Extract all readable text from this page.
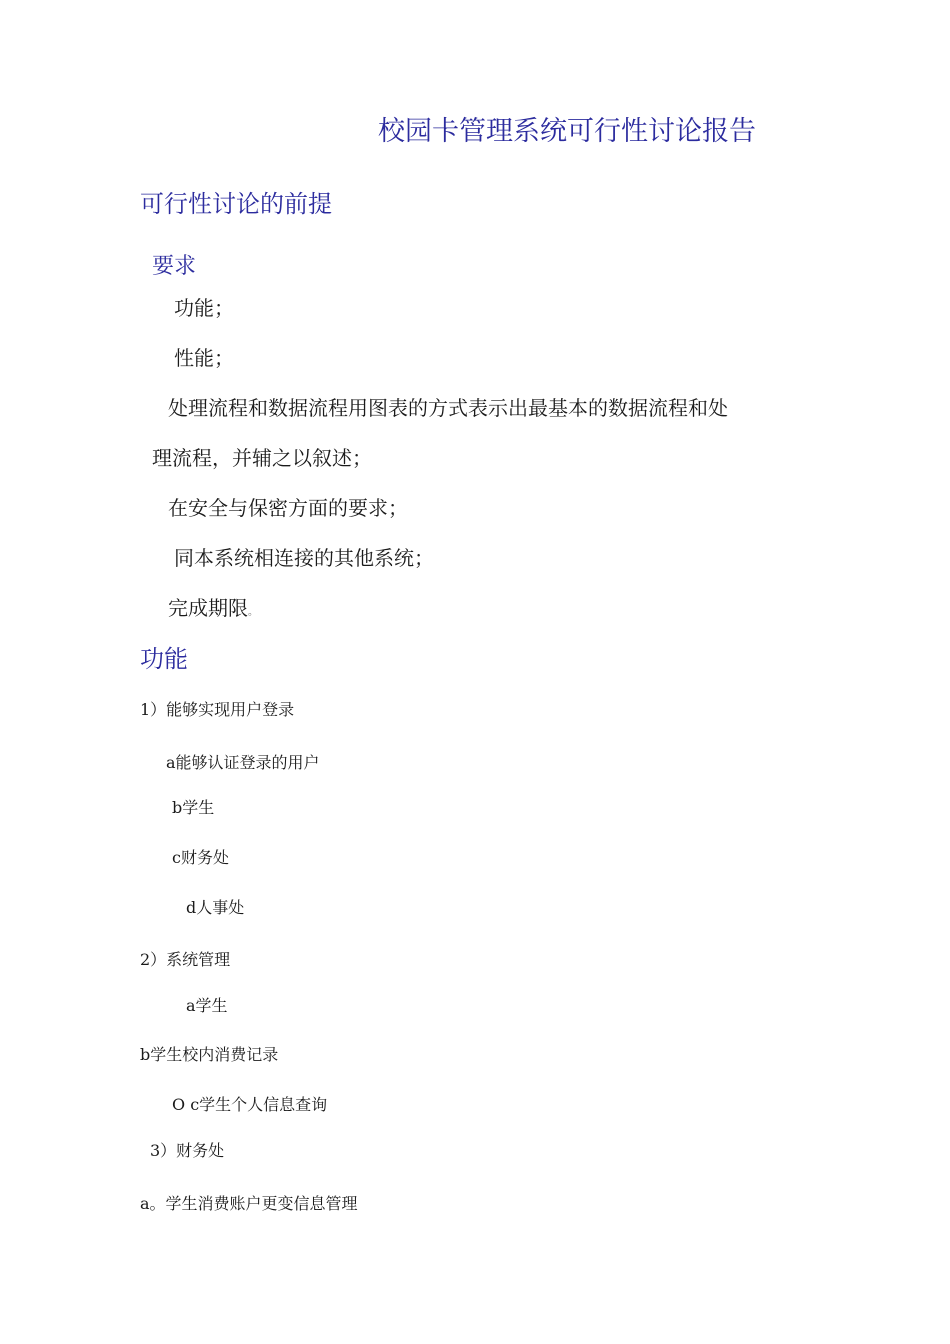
校园卡管理系统可行性讨论报告
可行性讨论的前提
要求
功能；
性能；
处理流程和数据流程用图表的方式表示出最基本的数据流程和处
理流程，并辅之以叙述；
在安全与保密方面的要求；
同本系统相连接的其他系统；
完成期限。
功能
1）能够实现用户登录
a能够认证登录的用户
b学生
c财务处
d人事处
2）系统管理
a学生
b学生校内消费记录
O c学生个人信息查询
3）财务处
a。学生消费账户更变信息管理
